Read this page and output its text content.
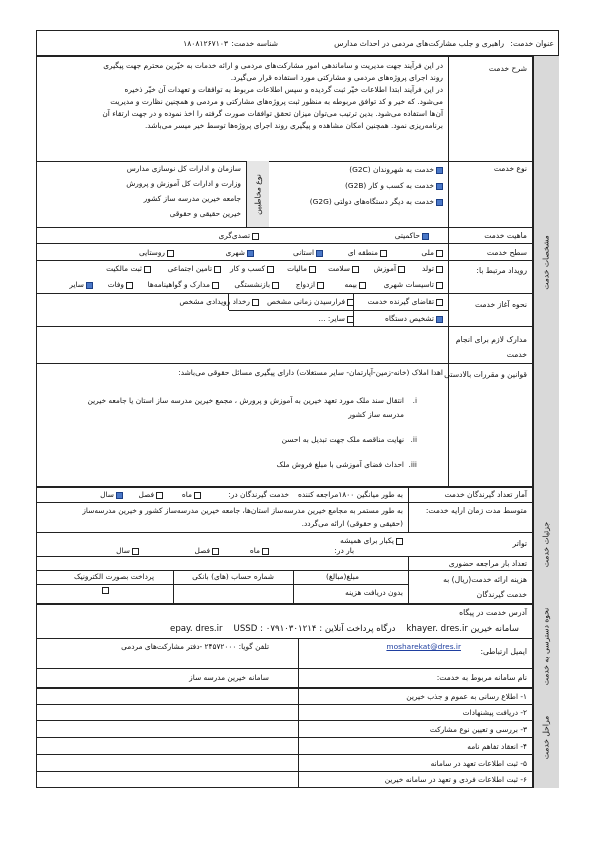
عنوان خدمت:
راهبری و جلب مشارکت‌های مردمی در احداث مدارس
شناسه خدمت:
۱۸۰۸۱۲۶۷۱۰۳
مشخصات خدمت
شرح خدمت
در این فرآیند جهت مدیریت و ساماندهی امور مشارکت‌های مردمی و ارائه خدمات به خیّرین محترم جهت پیگیری
روند اجرای پروژه‌های مردمی و مشارکتی مورد استفاده قرار می‌گیرد.
در این فرآیند ابتدا اطلاعات خیّر ثبت گردیده و سپس اطلاعات مربوط به توافقات و تعهدات آن خیّر ذخیره
می‌شود. که خیر و کد توافق مربوطه به منظور ثبت پروژه‌های مشارکتی و مردمی و همچنین نظارت و مدیریت
آن‌ها استفاده می‌شود. بدین ترتیب می‌توان میزان تحقق توافقات صورت گرفته را اخذ نموده و در جهت ارتقاء آن
برنامه‌ریزی نمود. همچنین امکان مشاهده و پیگیری روند اجرای پروژه‌ها توسط خیر میسر می‌باشد.
نوع خدمت
خدمت به شهروندان (G2C)
خدمت به کسب و کار (G2B)
خدمت به دیگر دستگاه‌های دولتی (G2G)
نوع مخاطبین
سازمان و ادارات کل نوسازی مدارس
وزارت و ادارات کل آموزش و پرورش
جامعه خیرین مدرسه ساز کشور
خیرین حقیقی و حقوقی
ماهیت خدمت
حاکمیتی
تصدی‌گری
سطح خدمت
ملی
استانی	منطقه ای
شهری
روستایی
رویداد مرتبط با:
تولد
آموزش
سلامت
مالیات
کسب و کار
تامین اجتماعی
ثبت مالکیت
تاسیسات شهری
بیمه
ازدواج
بازنشستگی
مدارک و گواهینامه‌ها
وفات
سایر
نحوه آغاز خدمت
تقاضای گیرنده خدمت
فرارسیدن زمانی مشخص
رخداد رویدادی مشخص
تشخیص دستگاه
سایر: ...
مدارک لازم برای انجام
خدمت
قوانین و مقررات بالادستی
اهدا املاک (خانه-زمین-آپارتمان- سایر مستغلات) دارای پیگیری مسائل حقوقی می‌باشد:
i.
انتقال سند ملک مورد تعهد خیرین به آموزش و پرورش ، مجمع خیرین مدرسه ساز استان یا جامعه خیرین
مدرسه ساز کشور
ii.
نهایت مناقصه ملک جهت تبدیل به احسن
iii.
احداث فضای آموزشی با مبلغ فروش ملک
جزئیات خدمت
آمار تعداد گیرندگان خدمت
به طور میانگین ۱۸۰۰مراجعه کننده
خدمت گیرندگان در:
ماه
فصل
سال
متوسط مدت زمان ارایه خدمت:
به طور مستمر به مجامع خیرین مدرسه‌ساز استان‌ها، جامعه خیرین مدرسه‌ساز کشور و خیرین مدرسه‌ساز
(حقیقی و حقوقی) ارائه می‌گردد.
تواتر
یکبار برای همیشه
بار در:
ماه
فصل
سال
تعداد بار مراجعه حضوری
هزینه ارائه خدمت(ریال) به
خدمت گیرندگان
مبلغ(مبالغ)
شماره حساب (های) بانکی
پرداخت بصورت الکترونیک
بدون دریافت هزینه
نحوه دسترسی به خدمت
آدرس خدمت در پیگاه
سامانه خیرین khayer. dres.ir    درگاه پرداخت آنلاین : epay. dres.ir USSD : ۰۷۹۱۰۳۰۱۲۱۴
ایمیل ارتباطی:
mosharekat@dres.ir
تلفن گویا: ۲۴۵۷۲۰۰۰ -دفتر مشارکت‌های مردمی
نام سامانه مربوط به خدمت:
سامانه خیرین مدرسه ساز
مراحل خدمت
۱- اطلاع رسانی به عموم و جذب خیرین
۲- دریافت پیشنهادات
۳- بررسی و تعیین نوع مشارکت
۴- انعقاد تفاهم نامه
۵- ثبت اطلاعات تعهد در سامانه
۶- ثبت اطلاعات فردی و تعهد در سامانه خیرین
